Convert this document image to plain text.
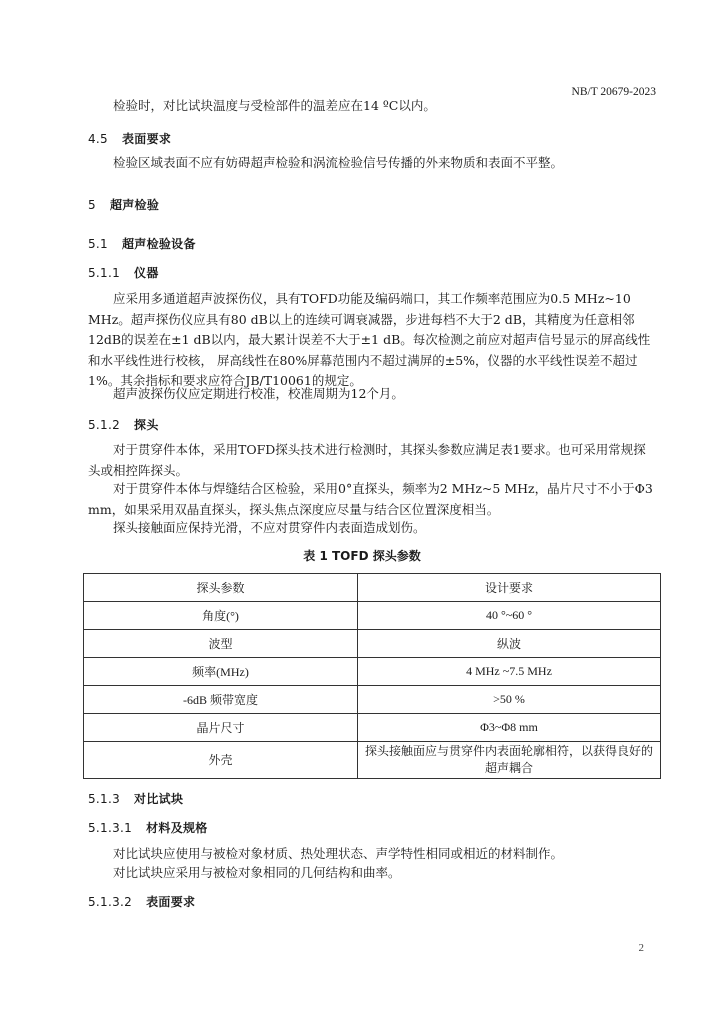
NB/T 20679-2023
检验时，对比试块温度与受检部件的温差应在14 ºC以内。
4.5 表面要求
检验区域表面不应有妨碍超声检验和涡流检验信号传播的外来物质和表面不平整。
5 超声检验
5.1 超声检验设备
5.1.1 仪器
应采用多通道超声波探伤仪，具有TOFD功能及编码端口，其工作频率范围应为0.5 MHz~10 MHz。超声探伤仪应具有80 dB以上的连续可调衰减器，步进每档不大于2 dB，其精度为任意相邻12dB的误差在±1 dB以内，最大累计误差不大于±1 dB。每次检测之前应对超声信号显示的屏高线性和水平线性进行校核， 屏高线性在80%屏幕范围内不超过满屏的±5%，仪器的水平线性误差不超过1%。其余指标和要求应符合JB/T10061的规定。
超声波探伤仪应定期进行校准，校准周期为12个月。
5.1.2 探头
对于贯穿件本体，采用TOFD探头技术进行检测时，其探头参数应满足表1要求。也可采用常规探头或相控阵探头。
对于贯穿件本体与焊缝结合区检验，采用0°直探头，频率为2 MHz~5 MHz，晶片尺寸不小于Φ3 mm，如果采用双晶直探头，探头焦点深度应尽量与结合区位置深度相当。
探头接触面应保持光滑，不应对贯穿件内表面造成划伤。
表 1 TOFD 探头参数
探头参数	设计要求
角度(°)	40 °~60 °
波型	纵波
频率(MHz)	4 MHz ~7.5 MHz
-6dB 频带宽度	>50 %
晶片尺寸	Φ3~Φ8 mm
外壳	探头接触面应与贯穿件内表面轮廓相符，以获得良好的超声耦合
5.1.3 对比试块
5.1.3.1 材料及规格
对比试块应使用与被检对象材质、热处理状态、声学特性相同或相近的材料制作。
对比试块应采用与被检对象相同的几何结构和曲率。
5.1.3.2 表面要求
2
